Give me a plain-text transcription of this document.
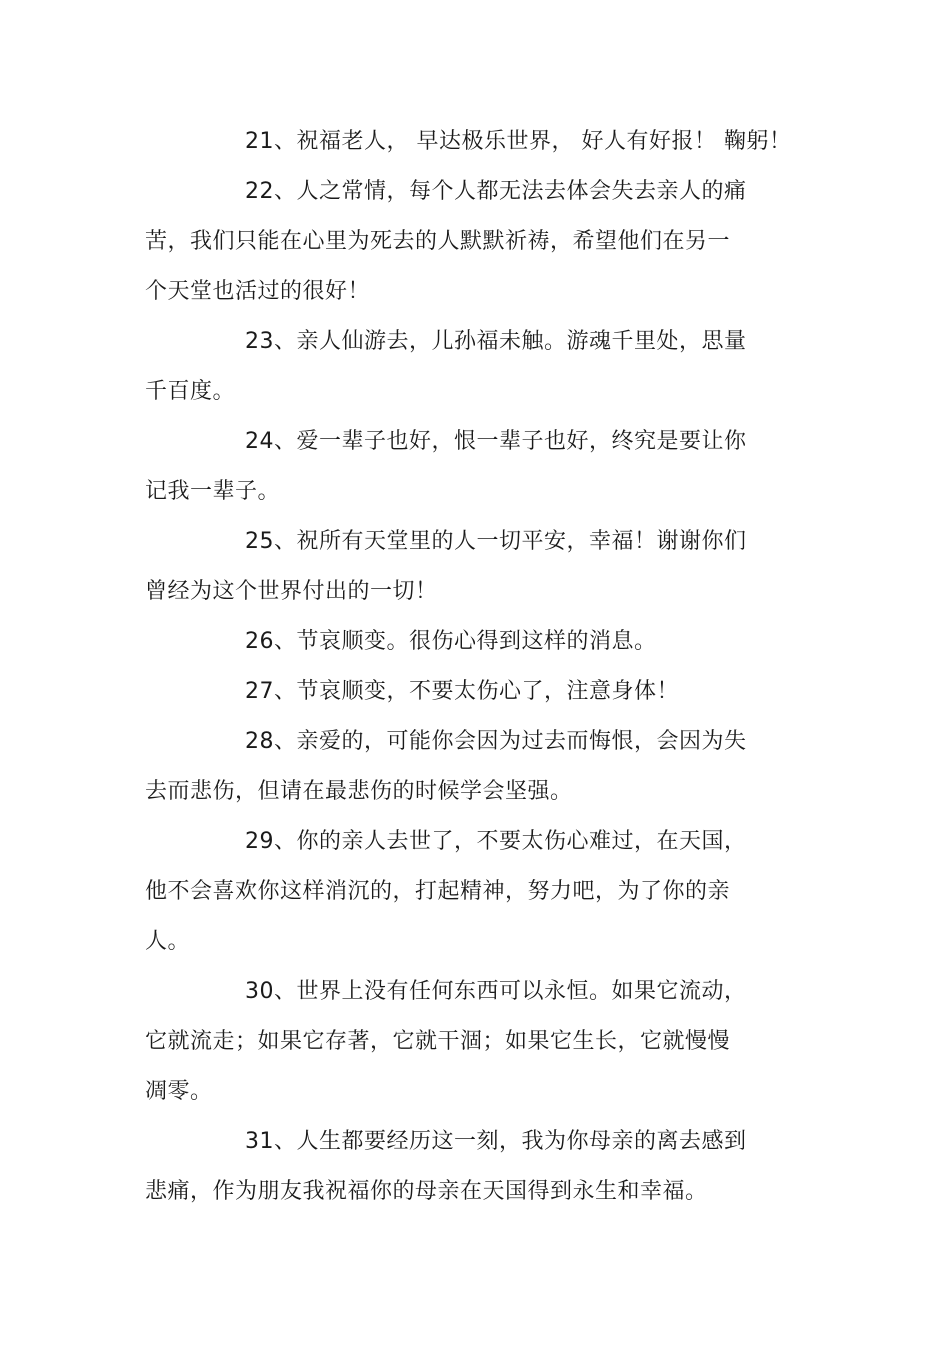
21、祝福老人， 早达极乐世界， 好人有好报！ 鞠躬！
22、人之常情，每个人都无法去体会失去亲人的痛
苦，我们只能在心里为死去的人默默祈祷，希望他们在另一
个天堂也活过的很好！
23、亲人仙游去，儿孙福未触。游魂千里处，思量
千百度。
24、爱一辈子也好，恨一辈子也好，终究是要让你
记我一辈子。
25、祝所有天堂里的人一切平安，幸福！谢谢你们
曾经为这个世界付出的一切！
26、节哀顺变。很伤心得到这样的消息。
27、节哀顺变，不要太伤心了，注意身体！
28、亲爱的，可能你会因为过去而悔恨，会因为失
去而悲伤，但请在最悲伤的时候学会坚强。
29、你的亲人去世了，不要太伤心难过，在天国，
他不会喜欢你这样消沉的，打起精神，努力吧，为了你的亲
人。
30、世界上没有任何东西可以永恒。如果它流动，
它就流走；如果它存著，它就干涸；如果它生长，它就慢慢
凋零。
31、人生都要经历这一刻，我为你母亲的离去感到
悲痛，作为朋友我祝福你的母亲在天国得到永生和幸福。
